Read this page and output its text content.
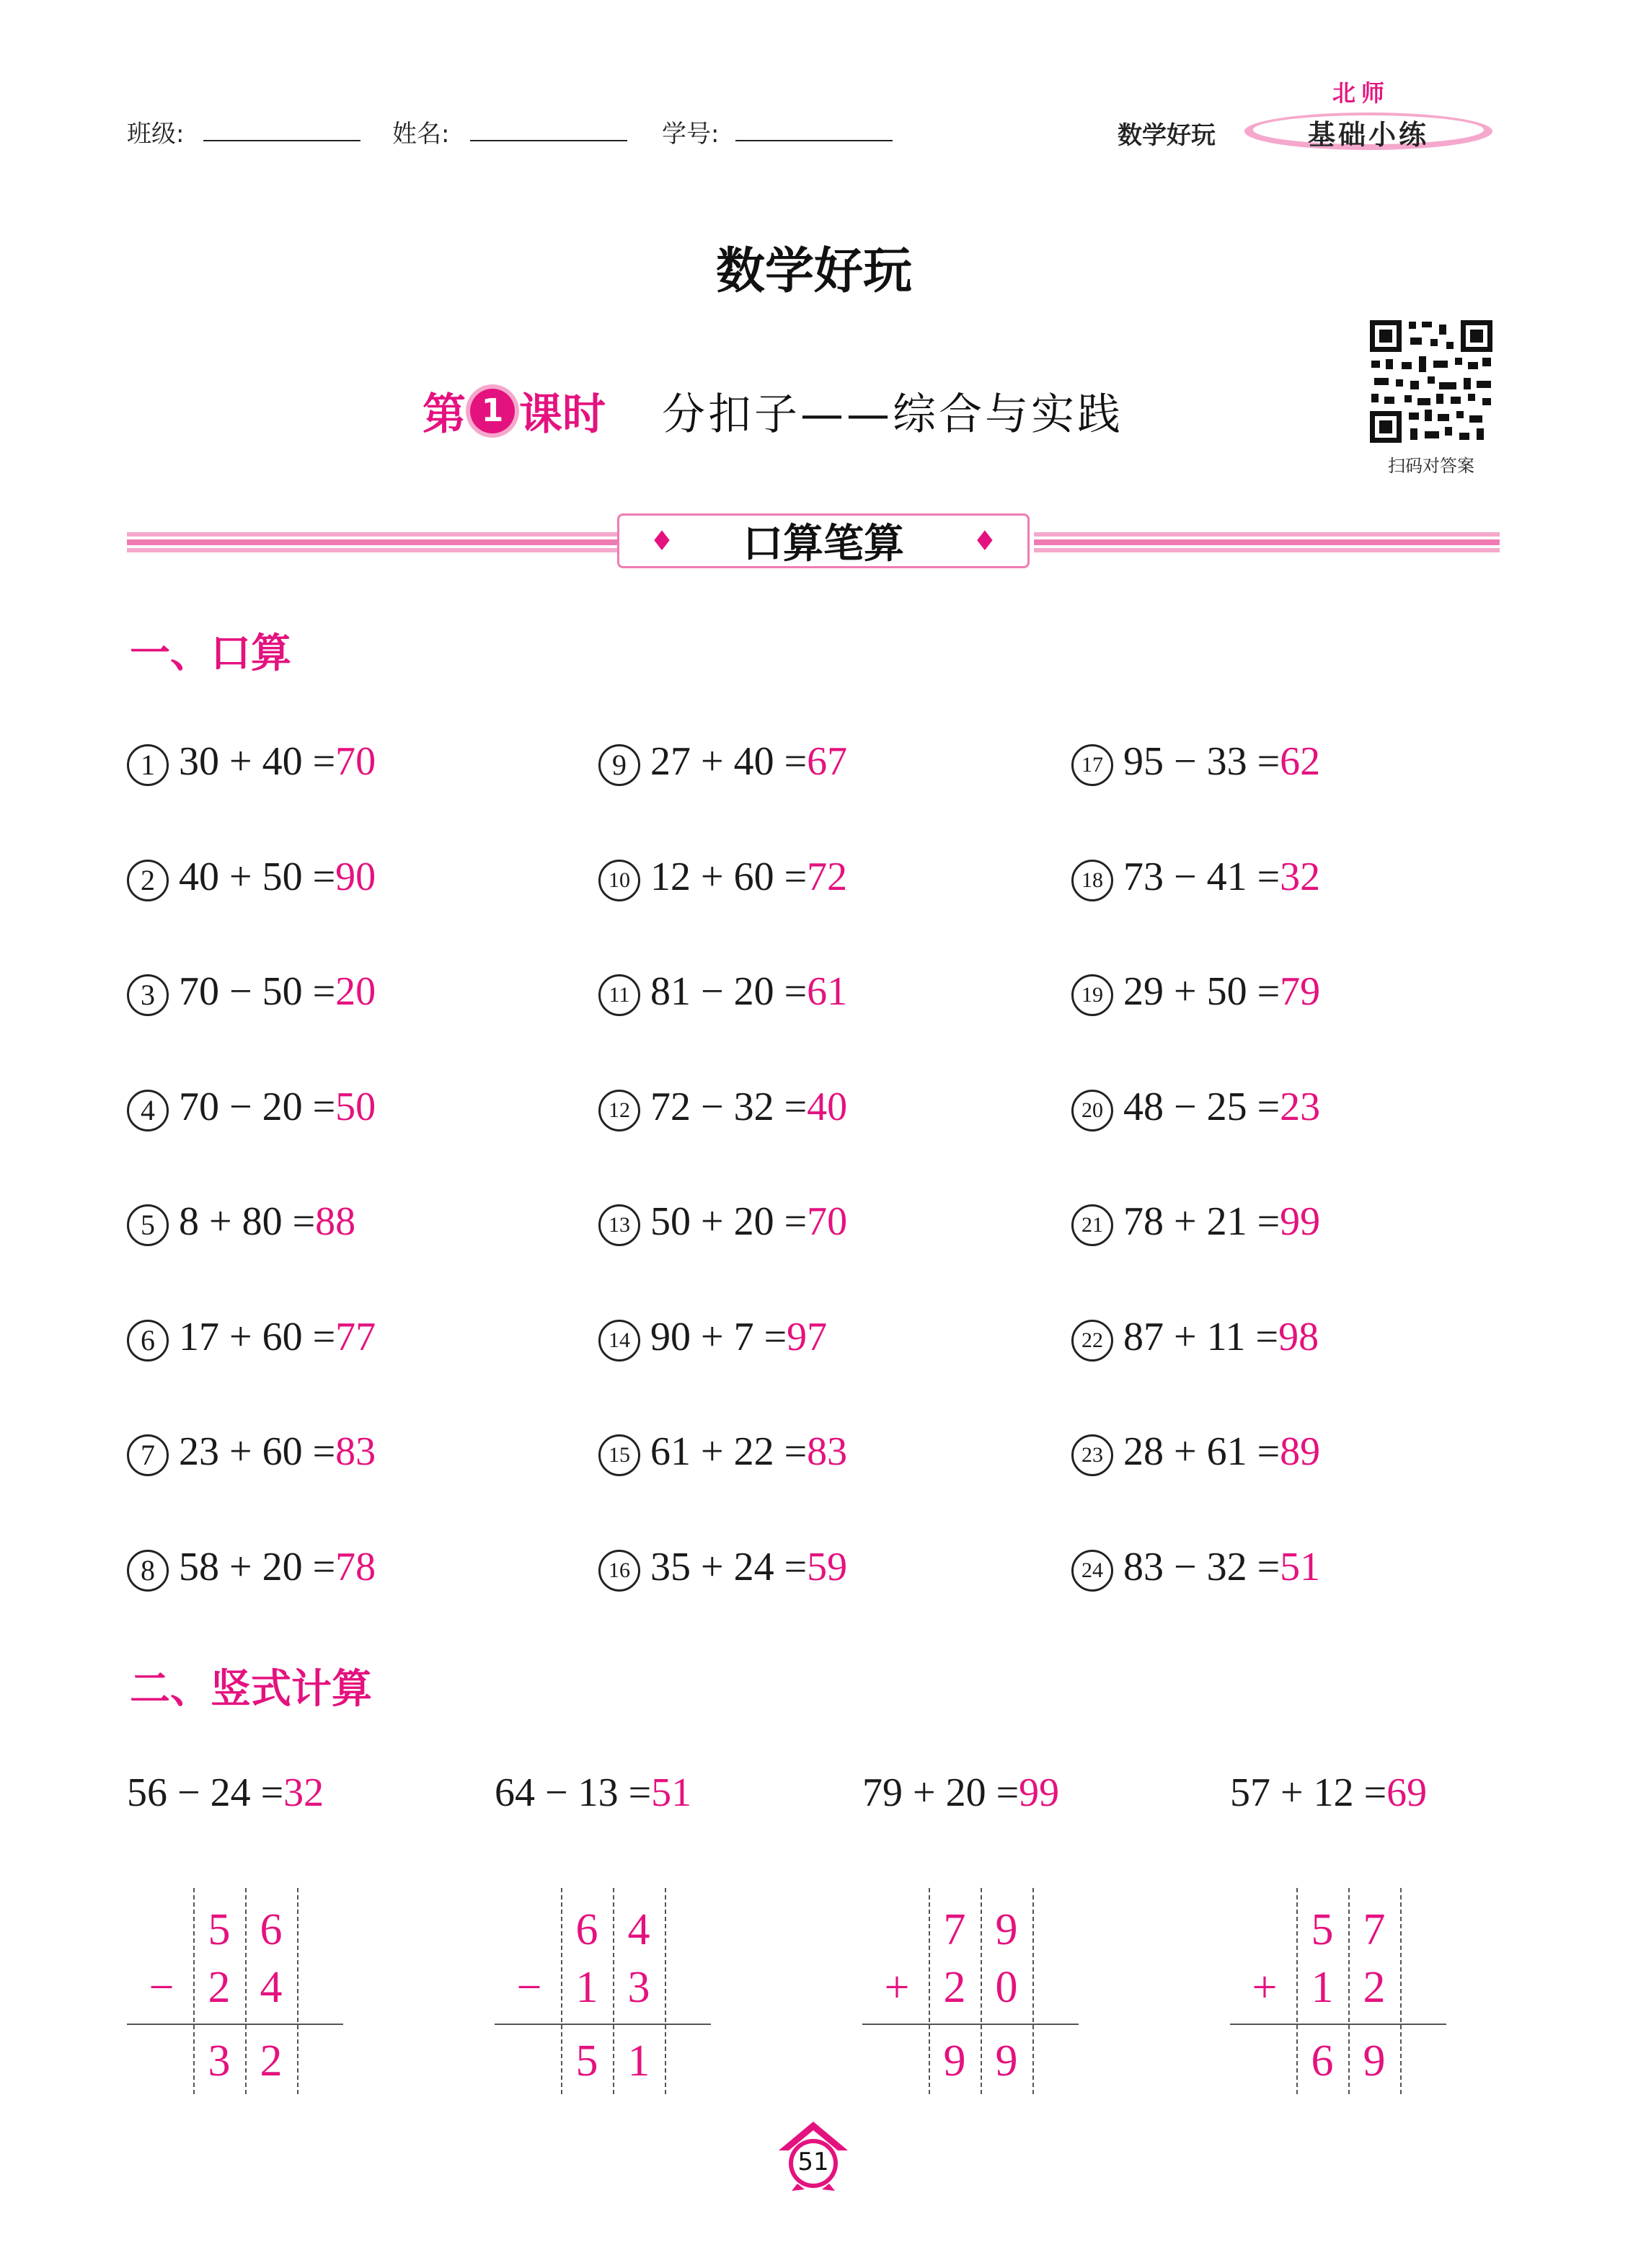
班级:	姓名:	学号:	数学好玩
北师
基础小练
数学好玩
第 1 课时 分扣子——综合与实践
扫码对答案
♦ 口算笔算 ♦
一、口算
1 30 + 40 =70
2 40 + 50 =90
3 70 − 50 =20
4 70 − 20 =50
5 8 + 80 =88
6 17 + 60 =77
7 23 + 60 =83
8 58 + 20 =78
9 27 + 40 =67
10 12 + 60 =72
11 81 − 20 =61
12 72 − 32 =40
13 50 + 20 =70
14 90 + 7 =97
15 61 + 22 =83
16 35 + 24 =59
17 95 − 33 =62
18 73 − 41 =32
19 29 + 50 =79
20 48 − 25 =23
21 78 + 21 =99
22 87 + 11 =98
23 28 + 61 =89
24 83 − 32 =51
二、竖式计算
56 − 24 =32
5 6
2 4
3 2
−
64 − 13 =51
6 4
1 3
5 1
−
79 + 20 =99
7 9
2 0
9 9
+
57 + 12 =69
5 7
1 2
6 9
+
51
